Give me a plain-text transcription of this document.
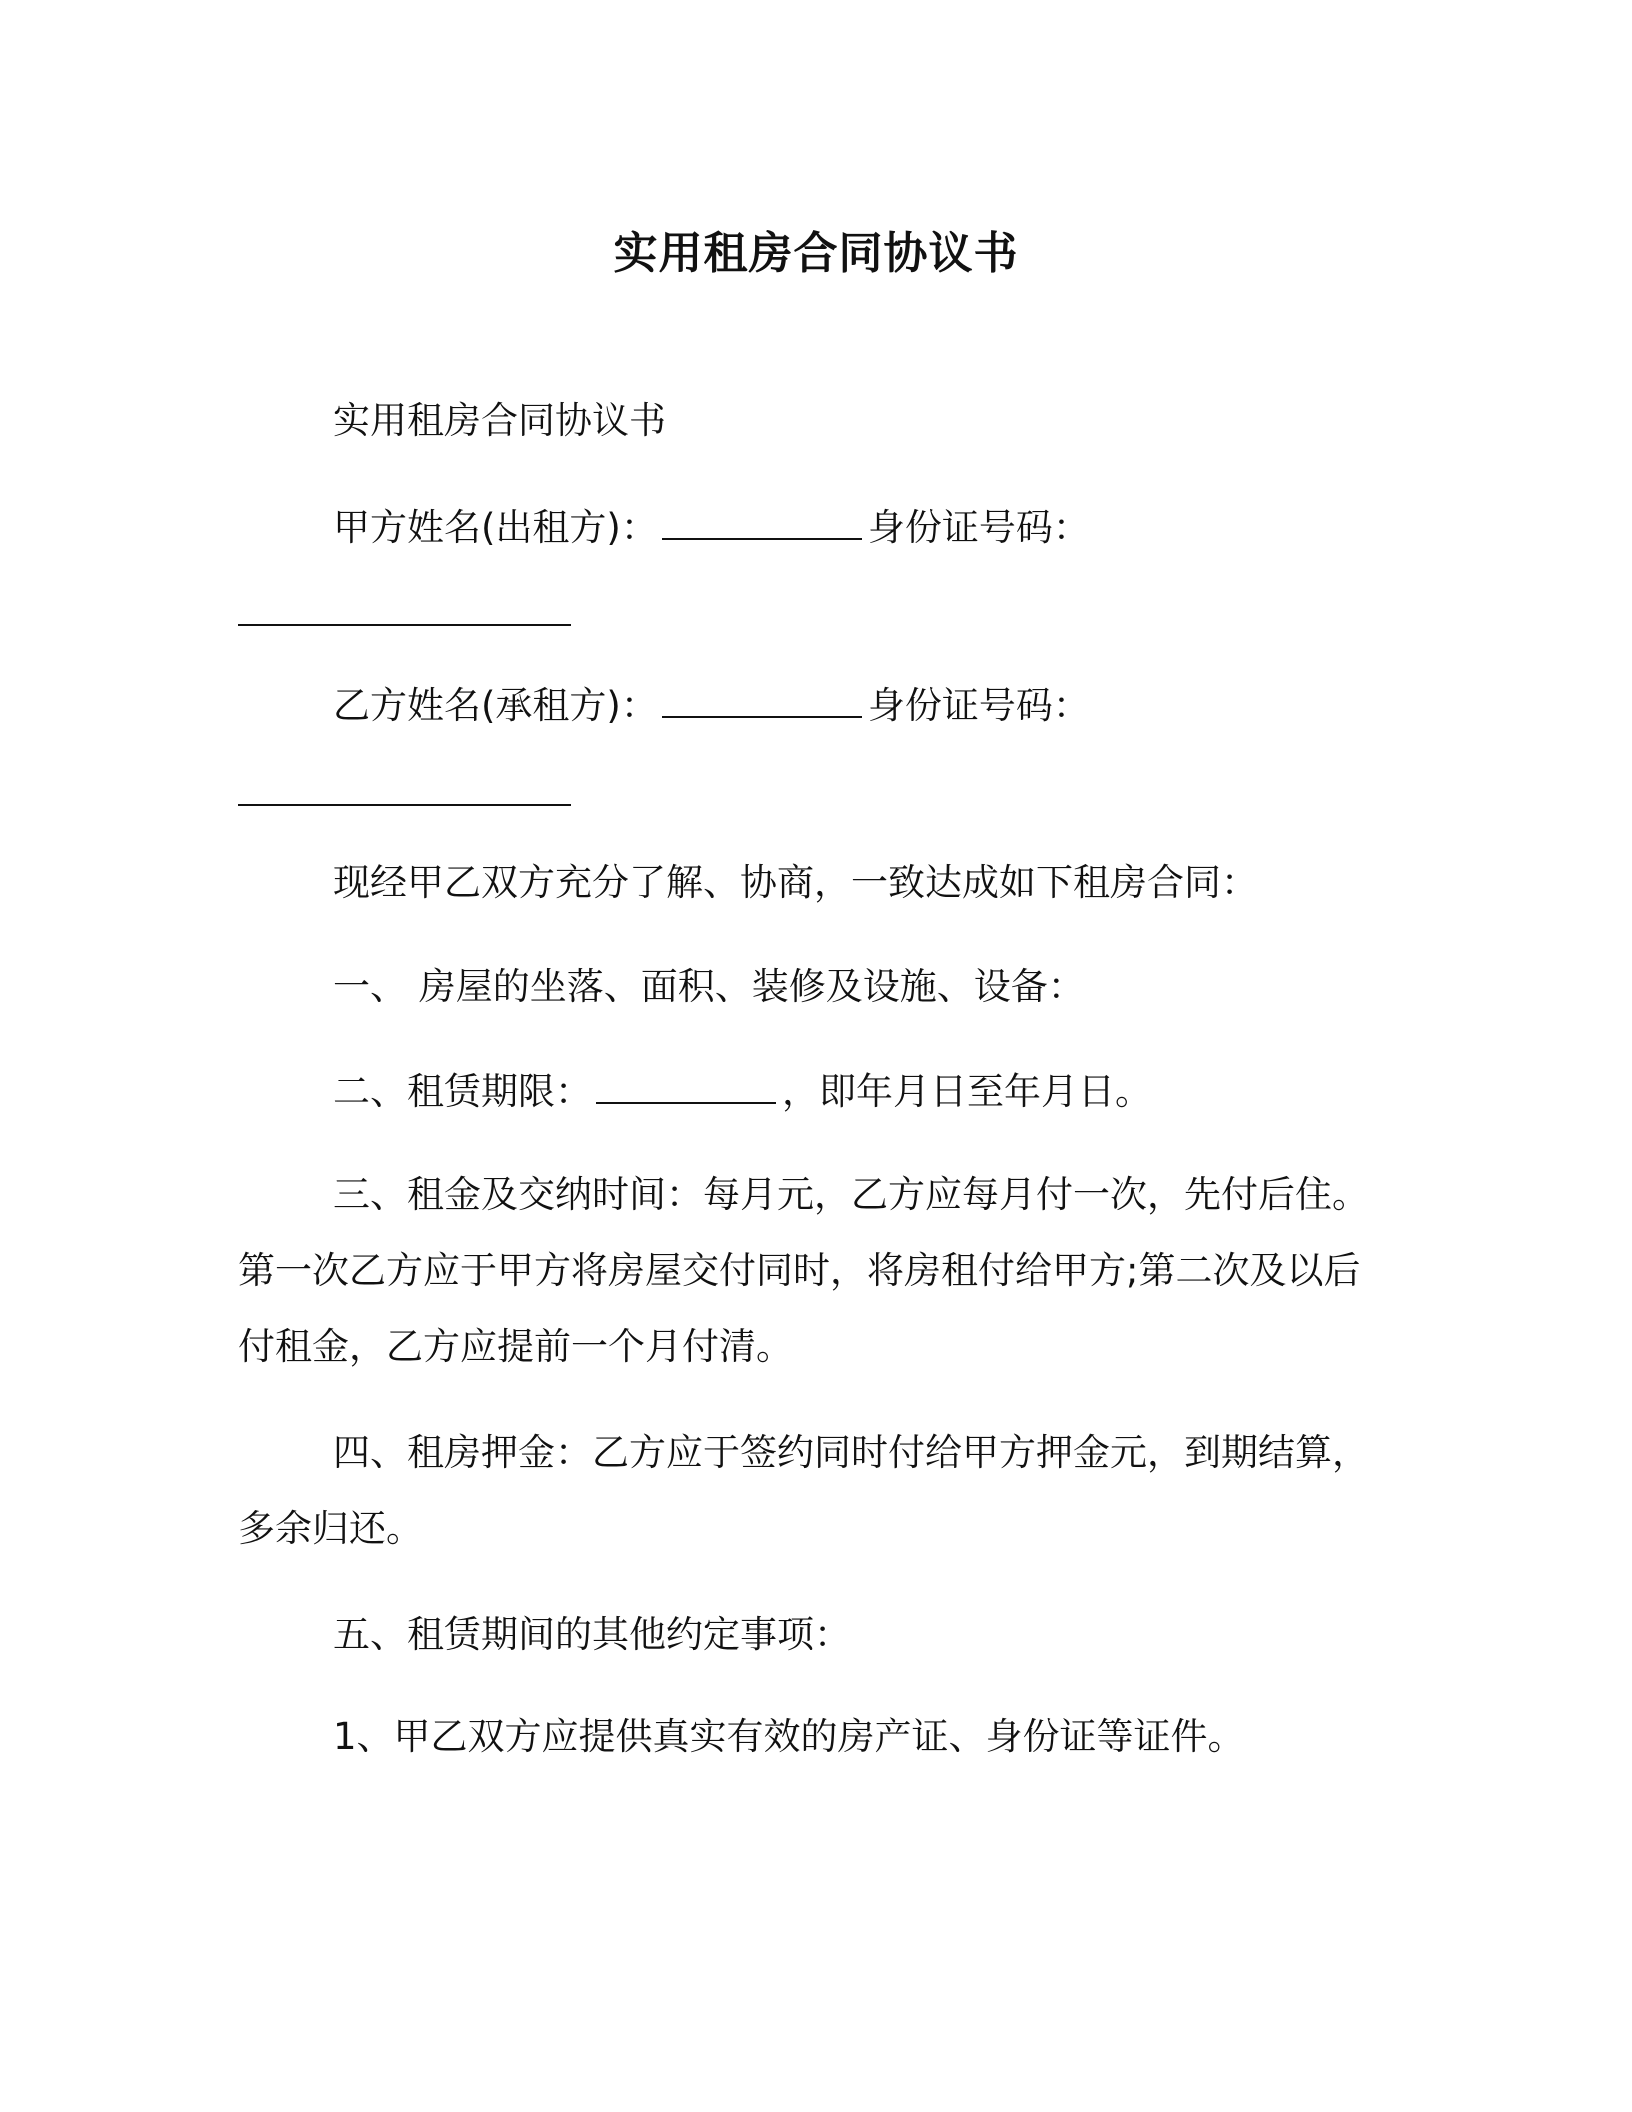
实用租房合同协议书
实用租房合同协议书
甲方姓名(出租方)：	身份证号码：
乙方姓名(承租方)：	身份证号码：
现经甲乙双方充分了解、协商，一致达成如下租房合同：
一、 房屋的坐落、面积、装修及设施、设备：
二、租赁期限：	，即年月日至年月日。
三、租金及交纳时间：每月元，乙方应每月付一次，先付后住。
第一次乙方应于甲方将房屋交付同时，将房租付给甲方;第二次及以后
付租金，乙方应提前一个月付清。
四、租房押金：乙方应于签约同时付给甲方押金元，到期结算，
多余归还。
五、租赁期间的其他约定事项：
1、甲乙双方应提供真实有效的房产证、身份证等证件。
